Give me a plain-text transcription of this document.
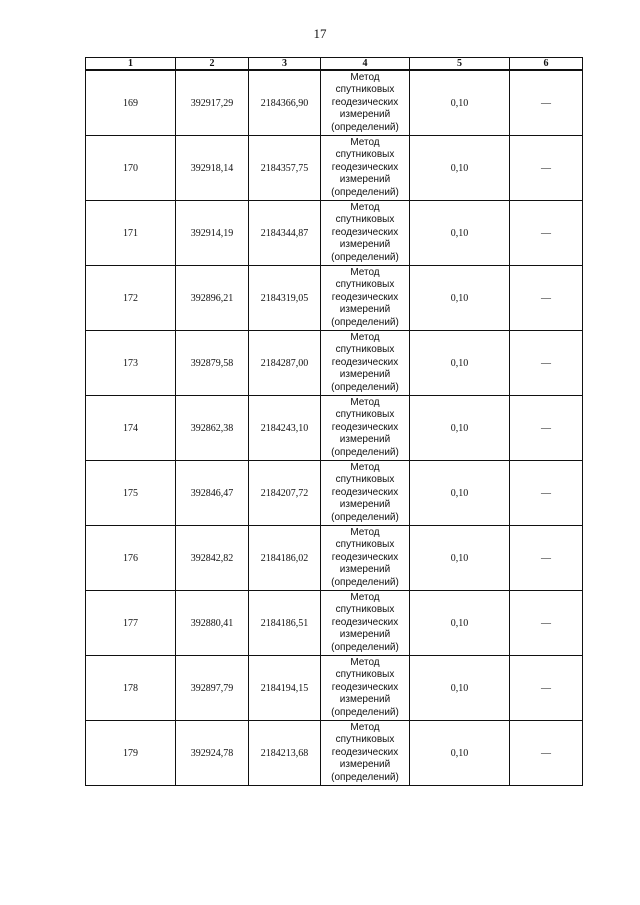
17
1	2	3	4	5	6
169	392917,29	2184366,90	Метод
спутниковых
геодезических
измерений
(определений)	0,10	—
170	392918,14	2184357,75	Метод
спутниковых
геодезических
измерений
(определений)	0,10	—
171	392914,19	2184344,87	Метод
спутниковых
геодезических
измерений
(определений)	0,10	—
172	392896,21	2184319,05	Метод
спутниковых
геодезических
измерений
(определений)	0,10	—
173	392879,58	2184287,00	Метод
спутниковых
геодезических
измерений
(определений)	0,10	—
174	392862,38	2184243,10	Метод
спутниковых
геодезических
измерений
(определений)	0,10	—
175	392846,47	2184207,72	Метод
спутниковых
геодезических
измерений
(определений)	0,10	—
176	392842,82	2184186,02	Метод
спутниковых
геодезических
измерений
(определений)	0,10	—
177	392880,41	2184186,51	Метод
спутниковых
геодезических
измерений
(определений)	0,10	—
178	392897,79	2184194,15	Метод
спутниковых
геодезических
измерений
(определений)	0,10	—
179	392924,78	2184213,68	Метод
спутниковых
геодезических
измерений
(определений)	0,10	—
